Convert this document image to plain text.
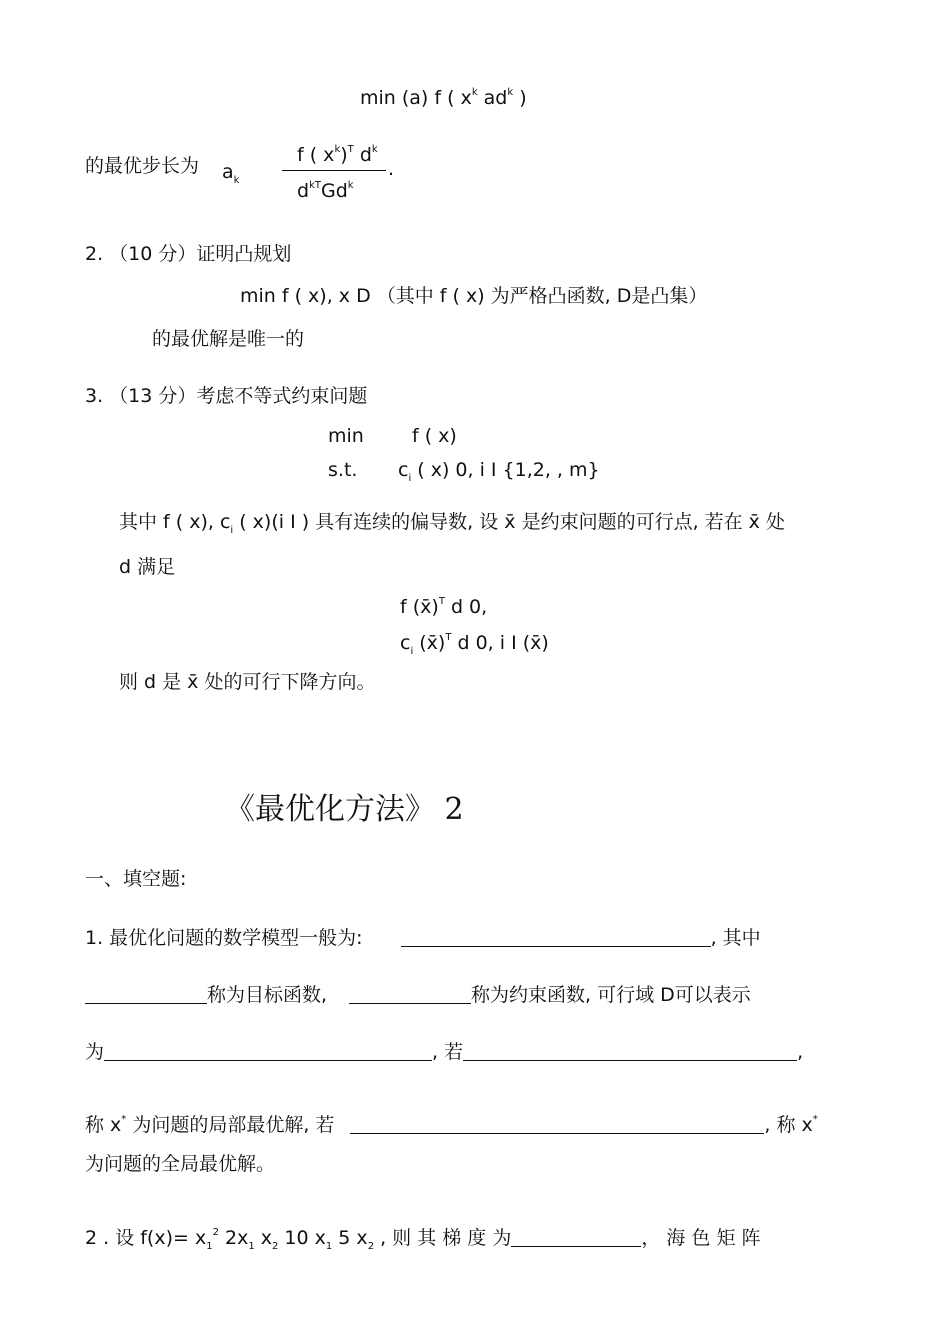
min (a) f ( $x^k$ $ad^k$ )
的最优步长为 $a_k$
f ( $x^k)^T$ $d^k$
.
$d^{kT}Gd^k$
2. （10 分）证明凸规划
min f ( x), x D （其中 f ( x) 为严格凸函数, D是凸集）
的最优解是唯一的
3. （13 分）考虑不等式约束问题
min	f ( x)
s.t. $c_i$ ( x) 0, i I {1,2, , m}
其中 f ( x), $c_i$ ( x)(i I ) 具有连续的偏导数, 设 x̄ 是约束问题的可行点, 若在 x̄ 处
d 满足
f (x̄)$^T$ d 0,
$c_i$ (x̄)$^T$ d 0, i I (x̄)
则 d 是 x̄ 处的可行下降方向。
《最优化方法》 2
一、填空题:
1. 最优化问题的数学模型一般为:	, 其中
称为目标函数,	称为约束函数, 可行域 D可以表示
为	, 若	,
称 x* 为问题的局部最优解, 若	, 称 x*
为问题的全局最优解。
2 . 设 $f(x)= x_1^2$ $2x_1$ $x_2$ 10 $x_1$ 5 $x_2$ , 则 其 梯 度 为	， 海 色 矩 阵
